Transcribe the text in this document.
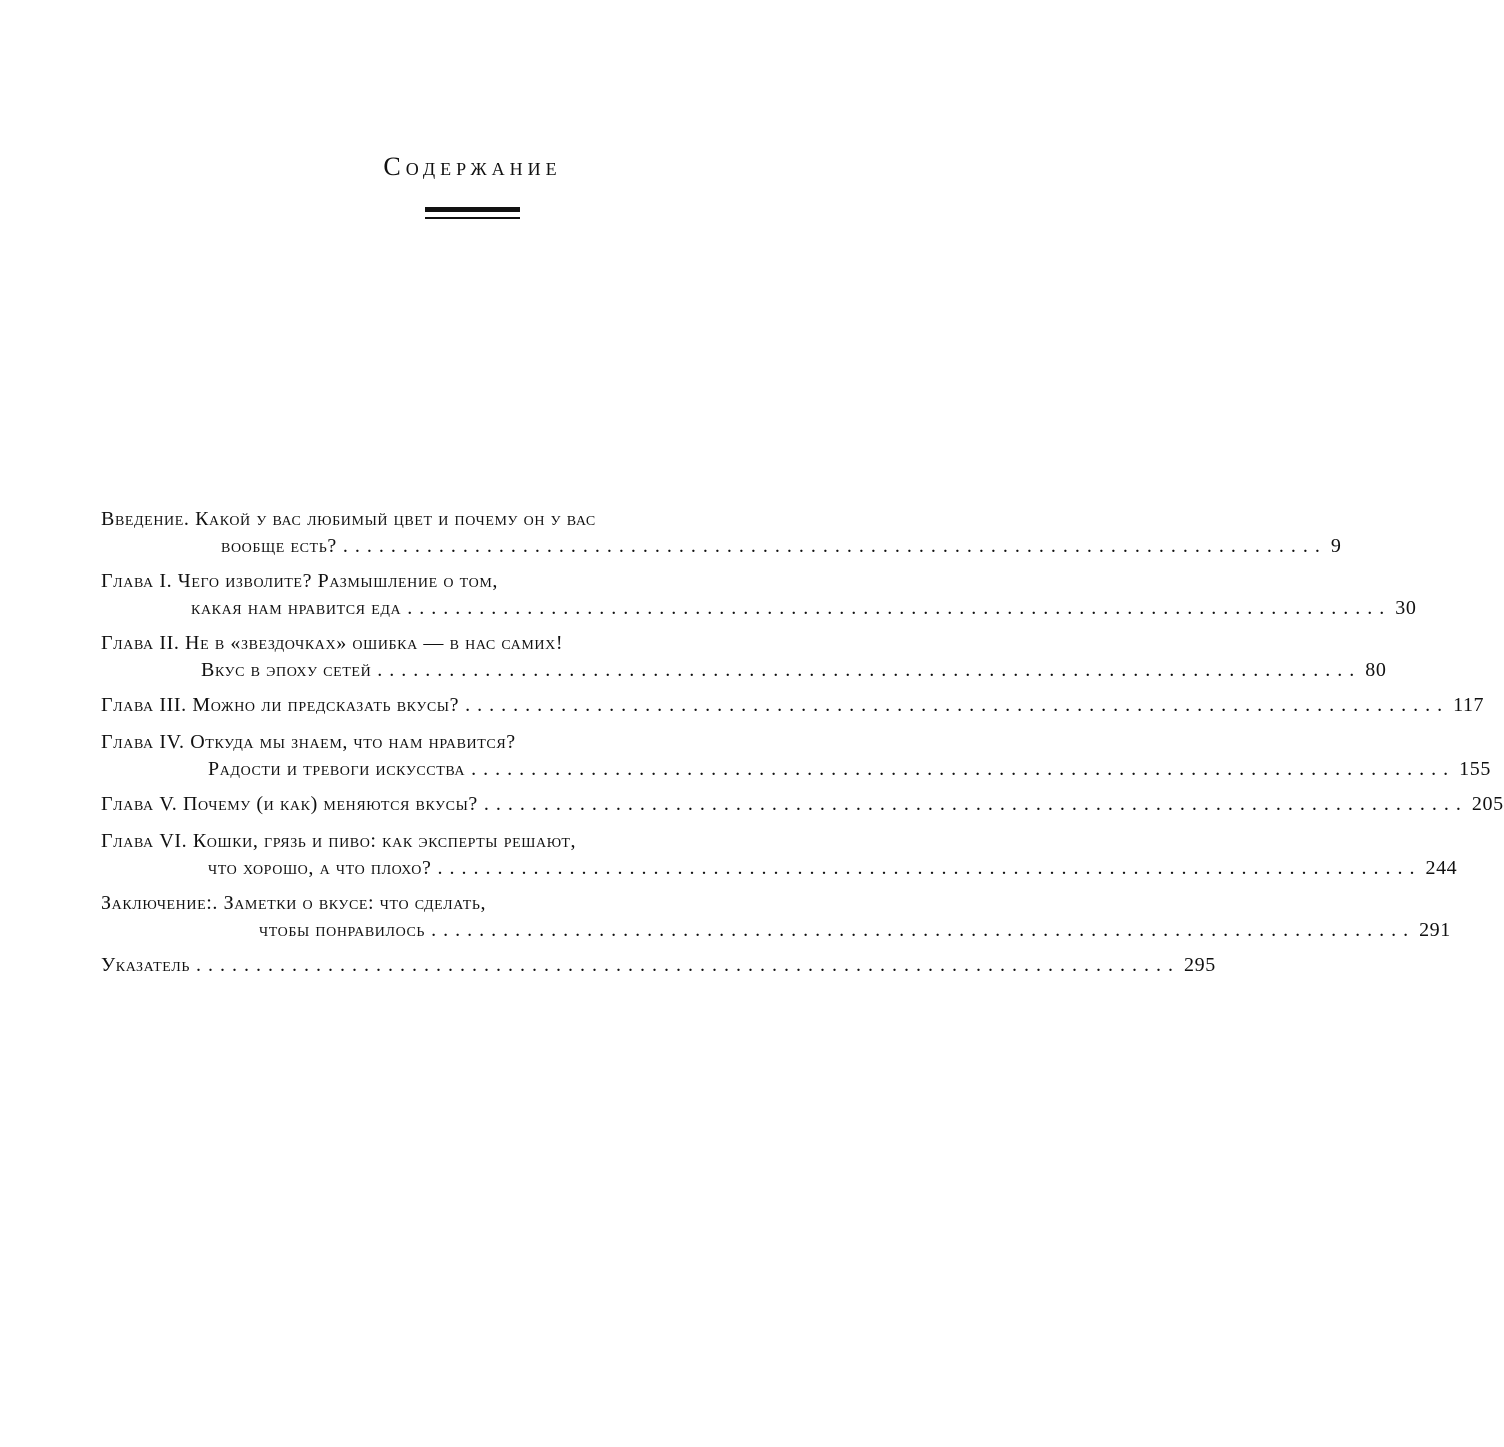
Содержание
Введение. Какой у вас любимый цвет и почему он у вас
вообще есть? .................................................................................. 9
Глава I. Чего изволите? Размышление о том,
какая нам нравится еда .................................................................................. 30
Глава II. Не в «звездочках» ошибка — в нас самих!
Вкус в эпоху сетей .................................................................................. 80
Глава III. Можно ли предсказать вкусы? .................................................................................. 117
Глава IV. Откуда мы знаем, что нам нравится?
Радости и тревоги искусства .................................................................................. 155
Глава V. Почему (и как) меняются вкусы? .................................................................................. 205
Глава VI. Кошки, грязь и пиво: как эксперты решают,
что хорошо, а что плохо? .................................................................................. 244
Заключение:. Заметки о вкусе: что сделать,
чтобы понравилось .................................................................................. 291
Указатель .................................................................................. 295
